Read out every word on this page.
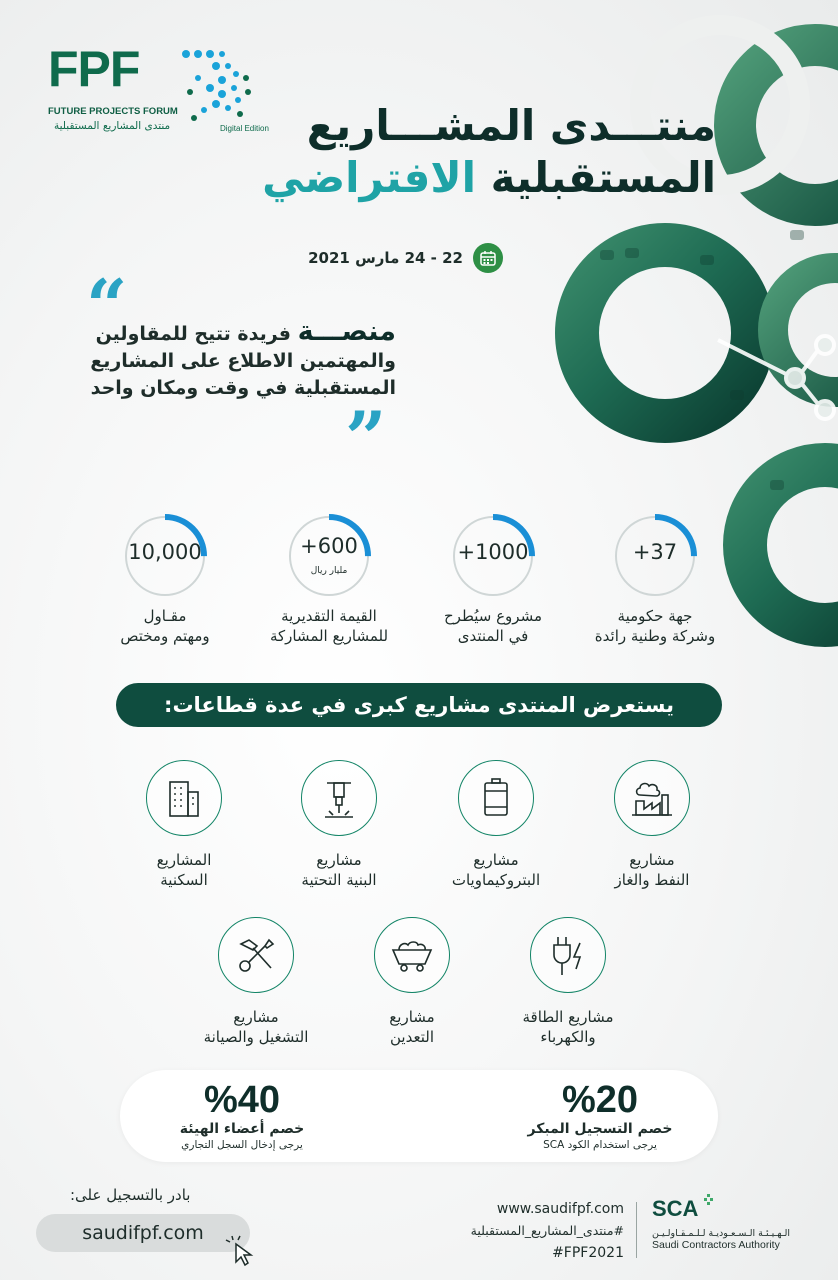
FPF
FUTURE PROJECTS FORUM
منتدى المشاريع المستقبلية	Digital Edition منتـــدى المشـــاريع
المستقبلية الافتراضي
22 - 24 مارس 2021
“	منصـــة فريدة تتيح للمقاولين
والمهتمين الاطلاع على المشاريع
المستقبلية في وقت ومكان واحد
”
+37
جهة حكومية
وشركة وطنية رائدة
+1000
مشروع سيُطرح
في المنتدى
+600
مليار ريال
القيمة التقديرية
للمشاريع المشاركة
10,000
مقـاول
ومهتم ومختص
يستعرض المنتدى مشاريع كبرى في عدة قطاعات:
مشاريع
النفط والغاز
مشاريع
البتروكيماويات
مشاريع
البنية التحتية
المشاريع
السكنية
مشاريع الطاقة
والكهرباء
مشاريع
التعدين
مشاريع
التشغيل والصيانة
%20
خصم التسجيل المبكر
يرجى استخدام الكود SCA
%40
خصم أعضاء الهيئة
يرجى إدخال السجل التجاري
بادر بالتسجيل على:
saudifpf.com
www.saudifpf.com
#منتدى_المشاريع_المستقبلية
#FPF2021
SCA
الـهـيـئـة الـسـعـوديـة لـلـمـقـاولـيـن
Saudi Contractors Authority
